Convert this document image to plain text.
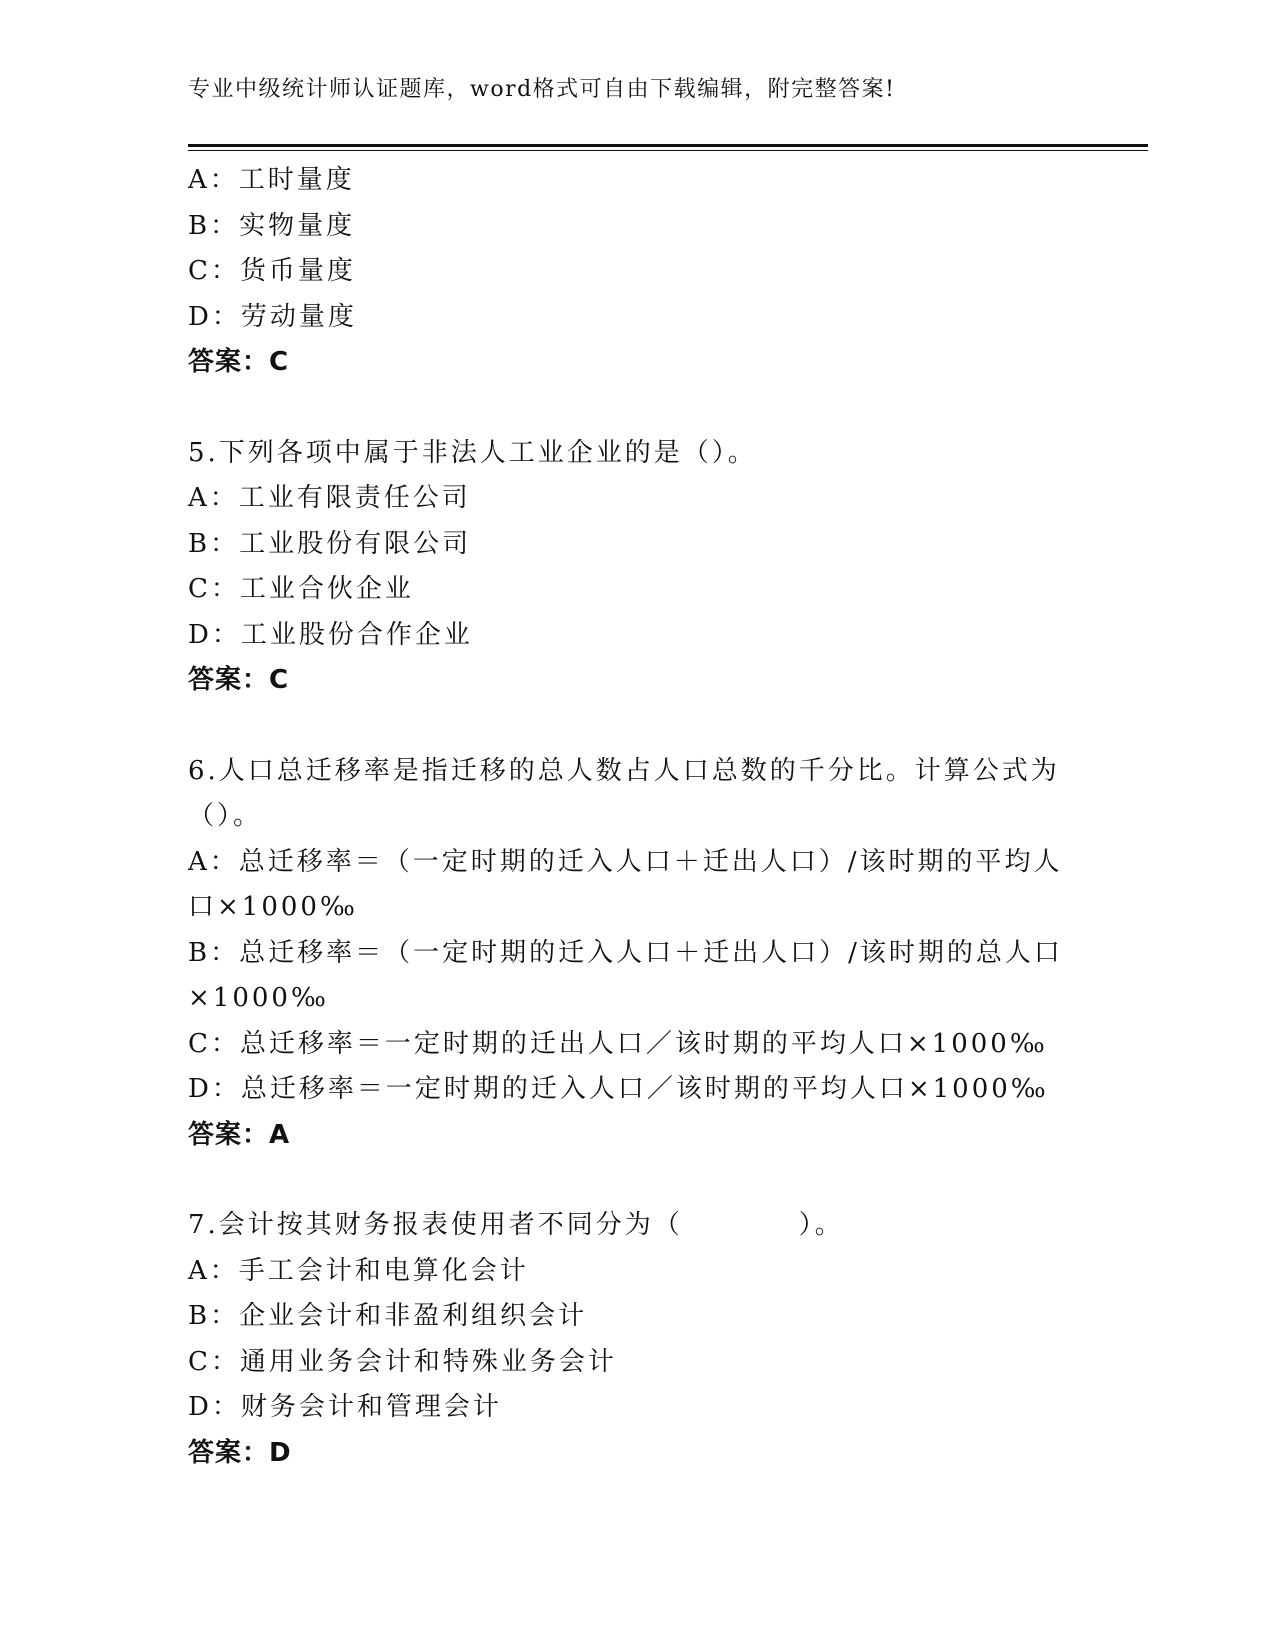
专业中级统计师认证题库，word格式可自由下载编辑，附完整答案!
A：工时量度
B：实物量度
C：货币量度
D：劳动量度
答案：C
5.下列各项中属于非法人工业企业的是（）。
A：工业有限责任公司
B：工业股份有限公司
C：工业合伙企业
D：工业股份合作企业
答案：C
6.人口总迁移率是指迁移的总人数占人口总数的千分比。计算公式为
（）。
A：总迁移率＝（一定时期的迁入人口＋迁出人口）/该时期的平均人
口×1000‰
B：总迁移率＝（一定时期的迁入人口＋迁出人口）/该时期的总人口
×1000‰
C：总迁移率＝一定时期的迁出人口／该时期的平均人口×1000‰
D：总迁移率＝一定时期的迁入人口／该时期的平均人口×1000‰
答案：A
7.会计按其财务报表使用者不同分为（　　　　）。
A：手工会计和电算化会计
B：企业会计和非盈利组织会计
C：通用业务会计和特殊业务会计
D：财务会计和管理会计
答案：D
